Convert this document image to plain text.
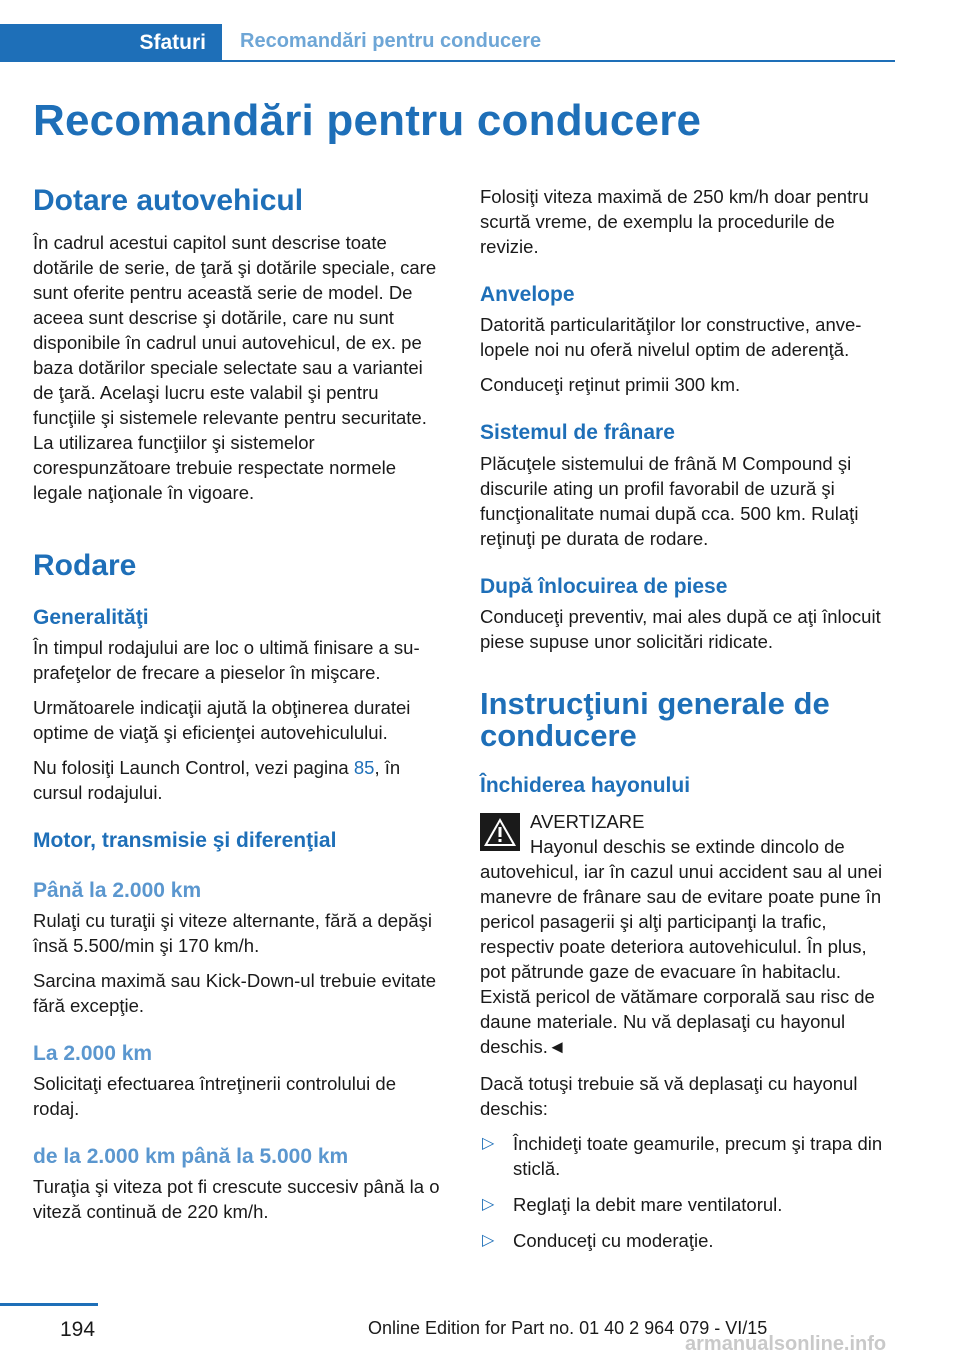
Sfaturi Recomandări pentru conducere
Recomandări pentru conducere
Dotare autovehicul

În cadrul acestui capitol sunt descrise toate dotările de serie, de ţară şi dotările speciale, care sunt oferite pentru această serie de model. De aceea sunt descrise şi dotările, care nu sunt disponibile în cadrul unui autovehicul, de ex. pe baza dotărilor speciale selectate sau a variantei de ţară. Acelaşi lucru este valabil şi pentru funcţiile şi sistemele relevante pentru securitate. La utilizarea funcţiilor şi sistemelor corespunzătoare trebuie respectate normele legale naţionale în vigoare.

Rodare
Generalităţi

În timpul rodajului are loc o ultimă finisare a suprafeţelor de frecare a pieselor în mişcare.

Următoarele indicaţii ajută la obţinerea duratei optime de viaţă şi eficienţei autovehiculului.

Nu folosiţi Launch Control, vezi pagina 85, în cursul rodajului.

Motor, transmisie şi diferenţial
Până la 2.000 km

Rulaţi cu turaţii şi viteze alternante, fără a depăşi însă 5.500/min şi 170 km/h.

Sarcina maximă sau Kick-Down-ul trebuie evitate fără excepţie.

La 2.000 km

Solicitaţi efectuarea întreţinerii controlului de rodaj.

de la 2.000 km până la 5.000 km

Turaţia şi viteza pot fi crescute succesiv până la o viteză continuă de 220 km/h.

Folosiţi viteza maximă de 250 km/h doar pentru scurtă vreme, de exemplu la procedurile de revizie.

Anvelope

Datorită particularităţilor lor constructive, anvelopele noi nu oferă nivelul optim de aderenţă.

Conduceţi reţinut primii 300 km.

Sistemul de frânare

Plăcuţele sistemului de frână M Compound şi discurile ating un profil favorabil de uzură şi funcţionalitate numai după cca. 500 km. Rulaţi reţinuţi pe durata de rodare.

După înlocuirea de piese

Conduceţi preventiv, mai ales după ce aţi înlocuit piese supuse unor solicitări ridicate.

Instrucţiuni generale de conducere
Închiderea hayonului

AVERTIZARE

Hayonul deschis se extinde dincolo de

autovehicul, iar în cazul unui accident sau al unei manevre de frânare sau de evitare poate pune în pericol pasagerii şi alţi participanţi la trafic, respectiv poate deteriora autovehiculul. În plus, pot pătrunde gaze de evacuare în habitaclu. Există pericol de vătămare corporală sau risc de daune materiale. Nu vă deplasaţi cu hayonul deschis.◄

Dacă totuşi trebuie să vă deplasaţi cu hayonul deschis:

▷ Închideţi toate geamurile, precum şi trapa din sticlă.
▷ Reglaţi la debit mare ventilatorul.
▷ Conduceţi cu moderaţie.
194	Online Edition for Part no. 01 40 2 964 079 - VI/15
armanualsonline.info
